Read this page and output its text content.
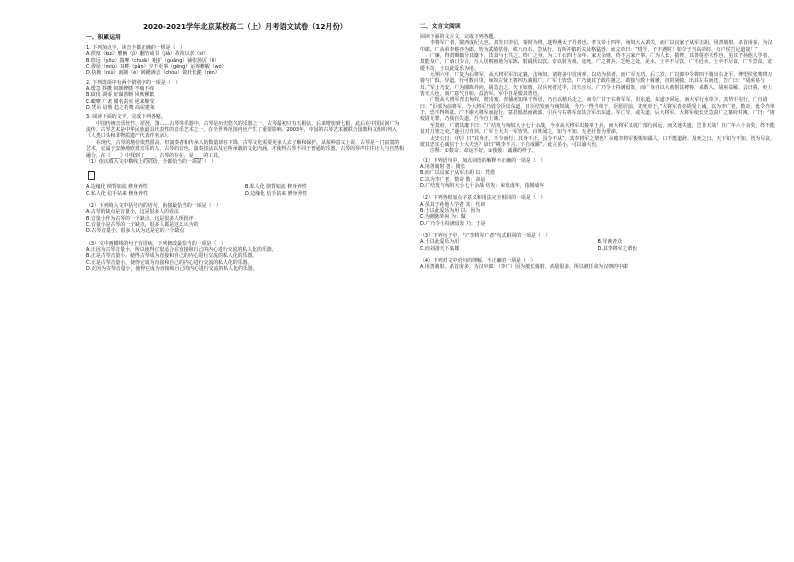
2020-2021学年北京某校高二（上）月考语文试卷（12月份）
一、积累运用

1. 下列加点字，读音全都正确的一组是（　）

A.揆度（kuí）艘俩（jì）翻竹成书（jiǎ）孜孜以求（sī）

B.悠远（yōu）揣摩（chuǎi）粗犷（guǎng）铺张扬厉（lì）

C.谬误（miù）耳畔（pàn）少不更事（gēng）运筹帷幄（wò）

D.执拗（niù）遏制（è）踌躇满志（chóu）敛衽长跪（rèn）

2. 下列选项中有两个错别字的一项是（　）

A.缓急 抖擞 奴颜婢膝 不痛不痒

B.砍伐 凋零 好谋善断 风吹柳絮

C.瞰嘹 广袤 循名责实 逆来顺受

D.凭吊 谙熟 趋之若鹜 高屋建瓴

3. 阅读下面的文字，完成下列各题。

中国传统音乐丝竹、琵琶、箫……古琴等乐器中，古琴是历史悠久的乐器之一。古琴最初只有五根弦，后来增加到七根，此后在中国民间广为流传。古琴艺术是中华民族最具代表性的音乐艺术之一，在全世界范围内也产生了重要影响。2003年，中国的古琴艺术被联合国教科文组织列入《人类口头和非物质遗产代表作名录》。

在现代，古琴的地位依然很高，但演奏者和传承人的数量却在下降，古琴文化需要更多人去了解和保护。从某种意义上说，古琴是一门寂寞的艺术，它属于安静地欣赏音乐的人，古琴的音色、演奏技法以及它所承载的文化内涵，才使得古琴不同于普通的乐器。古琴的琴声往往让人与自然相融合，在《____》中找到了____，古琴的存在，是____的工具。

（1）依次填入文中横线上的词语，全都恰当的一项是（　）

A.边缘化 倒背如流 修身养性	B.私人化 倒背如流 修身养性
C.私人化 信手拈来 修身养性	D.边缘化 信手拈来 修身养性

（2）下列填入文中括号内的语句，衔接最恰当的一项是（　）

A.古琴的缺点是音量小，这是很多人的看法

B.音量小作为古琴的一个缺点，这是很多人所批评

C.音量小是古琴的一个缺点，很多人都是这么认为的

D.古琴音量小，很多人认为这是它的一个缺点

（3）文中画横线的句子有语病，下列修改最恰当的一项是（　）

A.正因为古琴音量小，所以使得它很适合在直接和自己的内心进行交流的私人化的乐器。

B.正是古琴音量小，使得古琴成为直接和自己的内心进行交流的私人化的乐器。

C.正是古琴音量小，使得它成为直接和自己的内心进行交流的私人化的乐器。

D.正因为古琴音量小，使得它成为直接和自己的内心进行交流的私人化的乐器。

二、文言文阅读

阅读下面的文言文，完成下列各题。

李将军广者，陇西成纪人也。其先曰李信，秦时为将，逐得燕太子丹者也。孝文帝十四年，匈奴大入萧关，而广以良家子从军击胡，用善骑射，杀首虏多，为汉中郎。广从弟李蔡亦为郎，皆为武骑常侍，秩八百石。尝从行，有所冲陷折关及格猛兽，而文帝曰：“惜乎，子不遇时！如令子当高帝时，万户侯岂足道哉！”

广廉，得赏赐辄分其麾下，饮食与士共之。终广之身，为二千石四十余年，家无余财，终不言家产事。广为人长，猿臂，其善射亦天性也，虽其子孙他人学者，莫能及广。广讷口少言，与人居则画地为军陈，射阔狭以饮。专以射为戏，竟死。广之将兵，乏绝之处，见水，士卒不尽饮，广不近水，士卒不尽食，广不尝食。宽缓不苛，士以此爱乐为用。

元朔六年，广复为后将军，从大将军军出定襄，击匈奴。诸将多中首虏率，以功为侯者，而广军无功。后二岁，广以郎中令将四千骑出右北平，博望侯张骞将万骑与广俱，异道。行可数百里，匈奴左贤王将四万骑围广，广军士皆恐，广乃使其子敢往驰之。敢独与数十骑驰，直贯胡骑，出其左右而还，告广曰：“胡虏易与耳。”军士乃安。广为圜陈外向，胡急击之，矢下如雨。汉兵死者过半，汉矢且尽。广乃令士持满毋发，而广身自以大黄射其裨将，杀数人，胡虏益解。会日暮，吏士皆无人色，而广意气自如，益治军。军中自是服其勇也。

广既从大将军青击匈奴，既出塞，青捕虏知单于所居，乃自以精兵走之，而令广并于右将军军，出东道。东道少回远，而大军行水草少，其势不屯行。广自请曰：“臣部为前将军，今大将军乃徙令臣出东道，且臣结发而与匈奴战，今乃一得当单于，臣愿居前，先死单于。”大将军青亦阴受上诫，以为李广老，数奇，毋令当单于，恐不得所欲。广不谢大将军而起行，意甚愠怒而就部，引兵与右将军食其合军出东道。军亡导，或失道，后大将军。大将军使长史急责广之幕府对簿。广曰：“诸校尉无罪，乃我自失道。吾今自上簿。”

至莫府，广谓其麾下曰：“广结发与匈奴大小七十余战，今幸从大将军出接单于兵，而大将军又徙广部行回远，而又迷失道，岂非天哉！且广年六十余矣，终不能复对刀笔之吏。”遂引刀自刭。广军士大夫一军皆哭。百姓闻之，知与不知，无老壮皆为垂涕。

太史公曰：《传》曰“其身正，不令而行；其身不正，虽令不从”。其李将军之谓也？余睹李将军悛悛如鄙人，口不能道辞。及死之日，天下知与不知，皆为尽哀。彼其忠实心诚信于士大夫也？谚曰“桃李不言，下自成蹊”。此言虽小，可以谕大也。

注释：①数奇：命运不好。②悛悛：诚谨的样子。

（1）下列语句中，加点词语的解释不正确的一项是（　）

A.用善骑射 善：擅长

B.而广以良家子从军击胡 以：凭借

C.以为李广老，数奇 数：命运

D.广结发与匈奴大小七十余战 结发：束发成年，指刚成年

（2）下列各组加点字意义和用法完全相同的一项是（　）

A.虽其子孙他人学者 其：代词

B.士以此爱乐为用 以：因为

C.为圜陈外向 为：做

D.广乃令士持满毋发 乃：于是

（3）下列句子中，与“李将军广者”句式相同的一项是（　）

A.士以此爱乐为用	B.导谀者众
C.而刘备天下枭雄	D.其李将军之谓也

（4）下列对文中语句的理解，不正确的一项是（　）

A.用善骑射，杀首虏多，为汉中郎：（李广）因为擅长骑射，杀敌很多，所以被任命为汉朝的中郎
